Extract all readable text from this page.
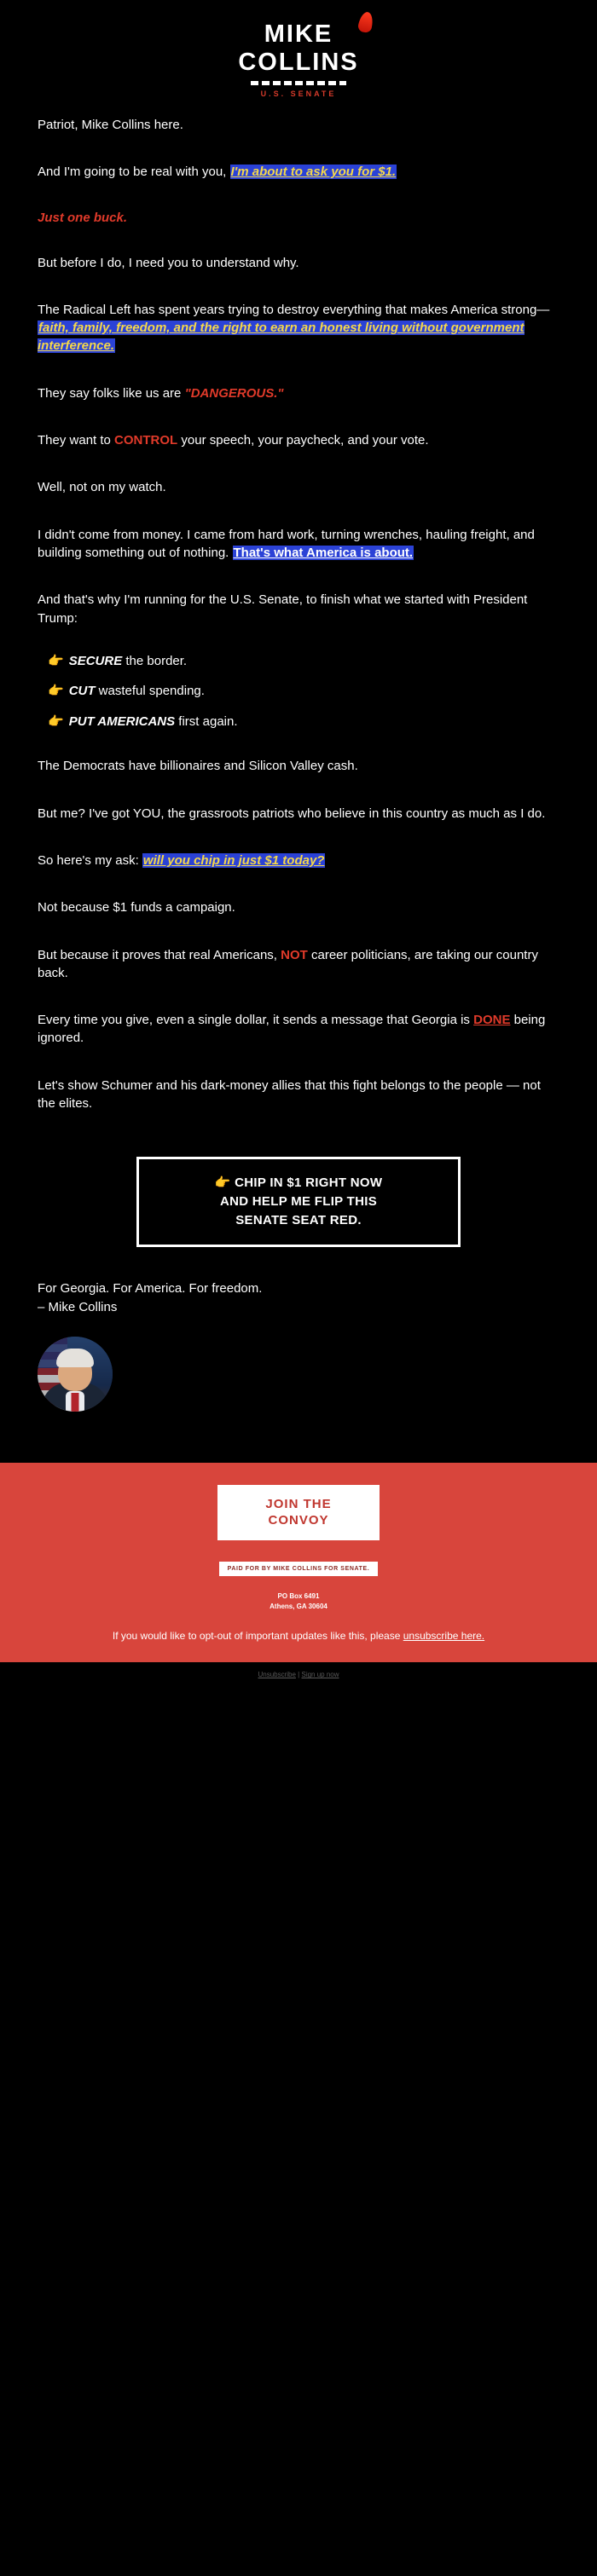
MIKE
COLLINS
U.S. SENATE

Patriot, Mike Collins here.

And I'm going to be real with you, I'm about to ask you for $1.

Just one buck.

But before I do, I need you to understand why.

The Radical Left has spent years trying to destroy everything that makes America strong—faith, family, freedom, and the right to earn an honest living without government interference.

They say folks like us are "DANGEROUS."

They want to CONTROL your speech, your paycheck, and your vote.

Well, not on my watch.

I didn't come from money. I came from hard work, turning wrenches, hauling freight, and building something out of nothing. That's what America is about.

And that's why I'm running for the U.S. Senate, to finish what we started with President Trump:

👉 SECURE the border.
👉 CUT wasteful spending.
👉 PUT AMERICANS first again.

The Democrats have billionaires and Silicon Valley cash.

But me? I've got YOU, the grassroots patriots who believe in this country as much as I do.

So here's my ask: will you chip in just $1 today?

Not because $1 funds a campaign.

But because it proves that real Americans, NOT career politicians, are taking our country back.

Every time you give, even a single dollar, it sends a message that Georgia is DONE being ignored.

Let's show Schumer and his dark-money allies that this fight belongs to the people — not the elites.

👉 CHIP IN $1 RIGHT NOW
AND HELP ME FLIP THIS
SENATE SEAT RED.

For Georgia. For America. For freedom.

– Mike Collins

JOIN THE
CONVOY
PAID FOR BY MIKE COLLINS FOR SENATE.
PO Box 6491
Athens, GA 30604
If you would like to opt-out of important updates like this, please unsubscribe here.
Unsubscribe | Sign up now
